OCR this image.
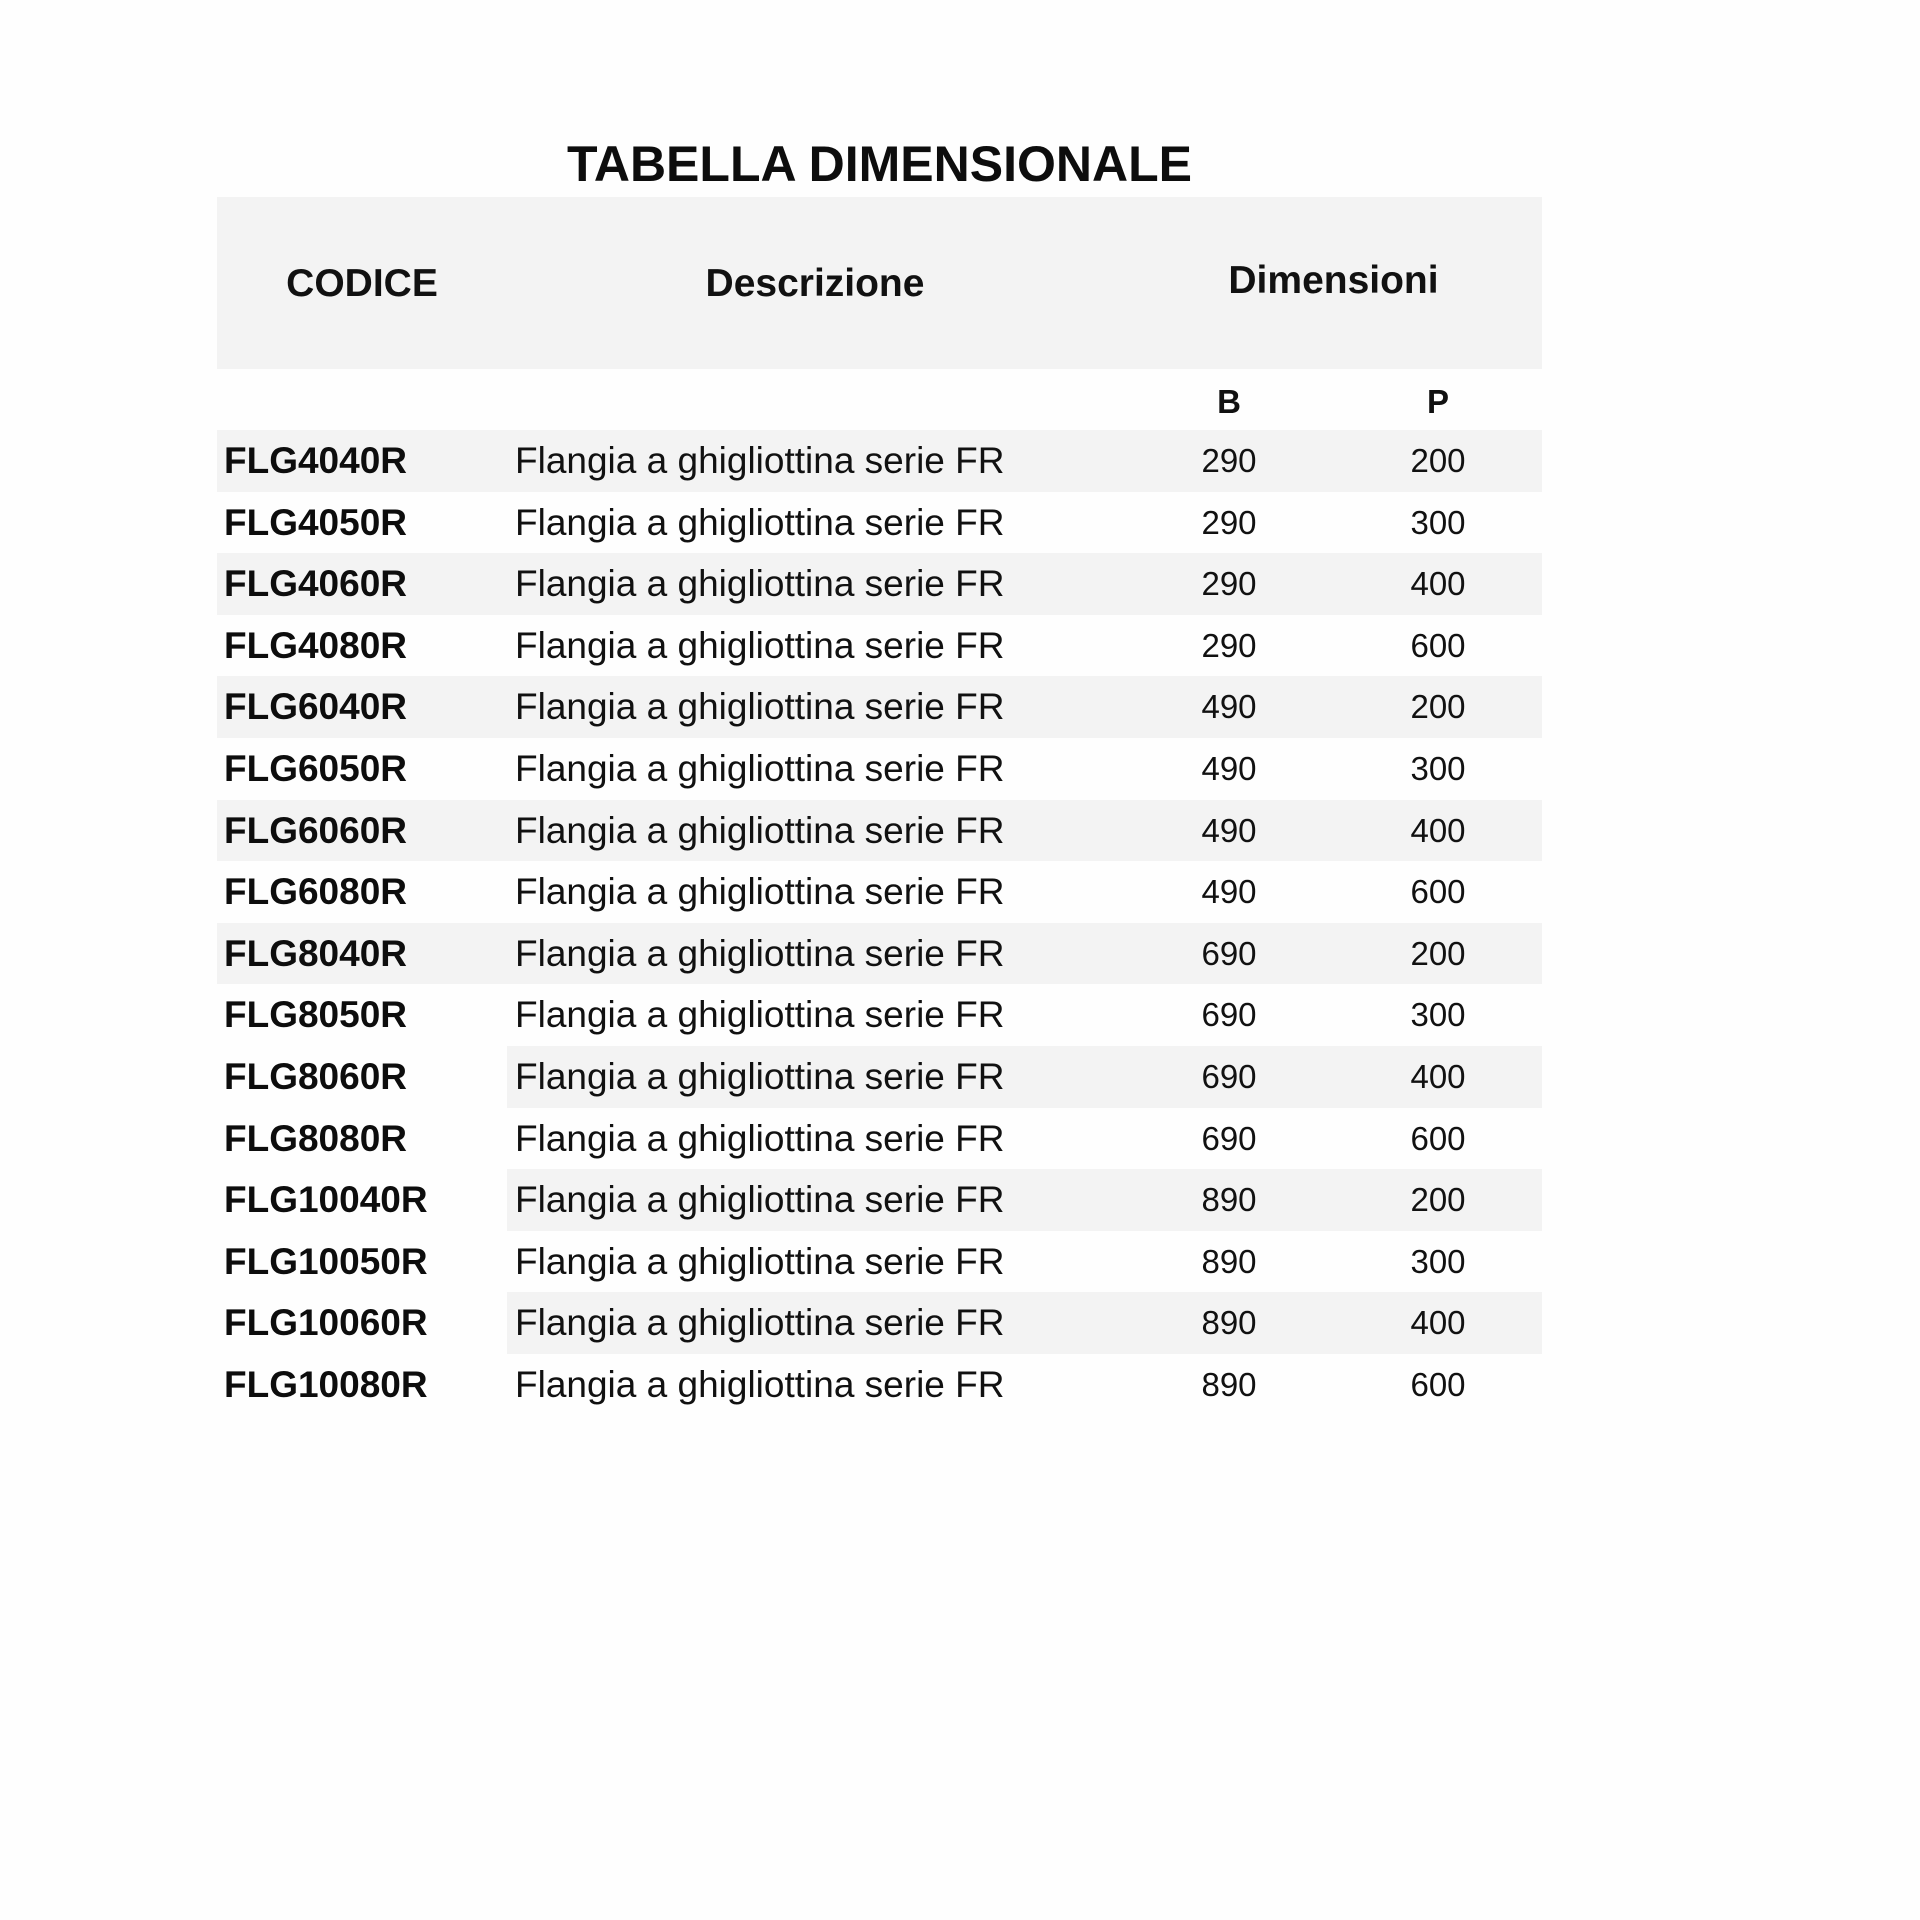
TABELLA DIMENSIONALE
CODICE	Descrizione	Dimensioni
B	P
FLG4040R	Flangia a ghigliottina serie FR	290	200
FLG4050R	Flangia a ghigliottina serie FR	290	300
FLG4060R	Flangia a ghigliottina serie FR	290	400
FLG4080R	Flangia a ghigliottina serie FR	290	600
FLG6040R	Flangia a ghigliottina serie FR	490	200
FLG6050R	Flangia a ghigliottina serie FR	490	300
FLG6060R	Flangia a ghigliottina serie FR	490	400
FLG6080R	Flangia a ghigliottina serie FR	490	600
FLG8040R	Flangia a ghigliottina serie FR	690	200
FLG8050R	Flangia a ghigliottina serie FR	690	300
FLG8060R	Flangia a ghigliottina serie FR	690	400
FLG8080R	Flangia a ghigliottina serie FR	690	600
FLG10040R Flangia a ghigliottina serie FR	890	200
FLG10050R Flangia a ghigliottina serie FR	890	300
FLG10060R Flangia a ghigliottina serie FR	890	400
FLG10080R Flangia a ghigliottina serie FR	890	600
